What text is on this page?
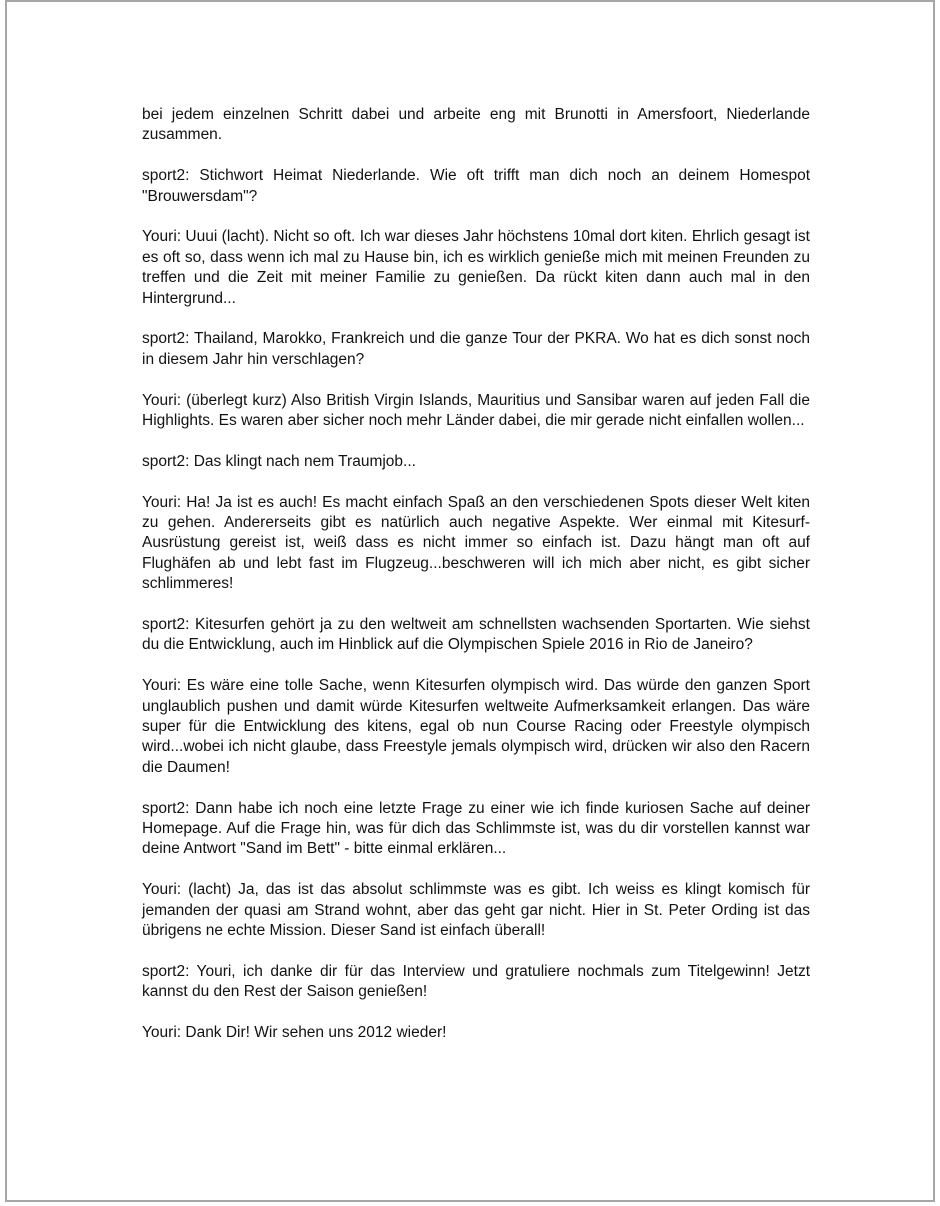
bei jedem einzelnen Schritt dabei und arbeite eng mit Brunotti in Amersfoort, Niederlande zusammen.

sport2: Stichwort Heimat Niederlande. Wie oft trifft man dich noch an deinem Homespot "Brouwersdam"?

Youri: Uuui (lacht). Nicht so oft. Ich war dieses Jahr höchstens 10mal dort kiten. Ehrlich gesagt ist es oft so, dass wenn ich mal zu Hause bin, ich es wirklich genieße mich mit meinen Freunden zu treffen und die Zeit mit meiner Familie zu genießen. Da rückt kiten dann auch mal in den Hintergrund...

sport2: Thailand, Marokko, Frankreich und die ganze Tour der PKRA. Wo hat es dich sonst noch in diesem Jahr hin verschlagen?

Youri: (überlegt kurz) Also British Virgin Islands, Mauritius und Sansibar waren auf jeden Fall die Highlights. Es waren aber sicher noch mehr Länder dabei, die mir gerade nicht einfallen wollen...

sport2: Das klingt nach nem Traumjob...

Youri: Ha! Ja ist es auch! Es macht einfach Spaß an den verschiedenen Spots dieser Welt kiten zu gehen. Andererseits gibt es natürlich auch negative Aspekte. Wer einmal mit Kitesurf-Ausrüstung gereist ist, weiß dass es nicht immer so einfach ist. Dazu hängt man oft auf Flughäfen ab und lebt fast im Flugzeug...beschweren will ich mich aber nicht, es gibt sicher schlimmeres!

sport2: Kitesurfen gehört ja zu den weltweit am schnellsten wachsenden Sportarten. Wie siehst du die Entwicklung, auch im Hinblick auf die Olympischen Spiele 2016 in Rio de Janeiro?

Youri: Es wäre eine tolle Sache, wenn Kitesurfen olympisch wird. Das würde den ganzen Sport unglaublich pushen und damit würde Kitesurfen weltweite Aufmerksamkeit erlangen. Das wäre super für die Entwicklung des kitens, egal ob nun Course Racing oder Freestyle olympisch wird...wobei ich nicht glaube, dass Freestyle jemals olympisch wird, drücken wir also den Racern die Daumen!

sport2: Dann habe ich noch eine letzte Frage zu einer wie ich finde kuriosen Sache auf deiner Homepage. Auf die Frage hin, was für dich das Schlimmste ist, was du dir vorstellen kannst war deine Antwort "Sand im Bett" - bitte einmal erklären...

Youri: (lacht) Ja, das ist das absolut schlimmste was es gibt. Ich weiss es klingt komisch für jemanden der quasi am Strand wohnt, aber das geht gar nicht. Hier in St. Peter Ording ist das übrigens ne echte Mission. Dieser Sand ist einfach überall!

sport2: Youri, ich danke dir für das Interview und gratuliere nochmals zum Titelgewinn! Jetzt kannst du den Rest der Saison genießen!

Youri: Dank Dir! Wir sehen uns 2012 wieder!
